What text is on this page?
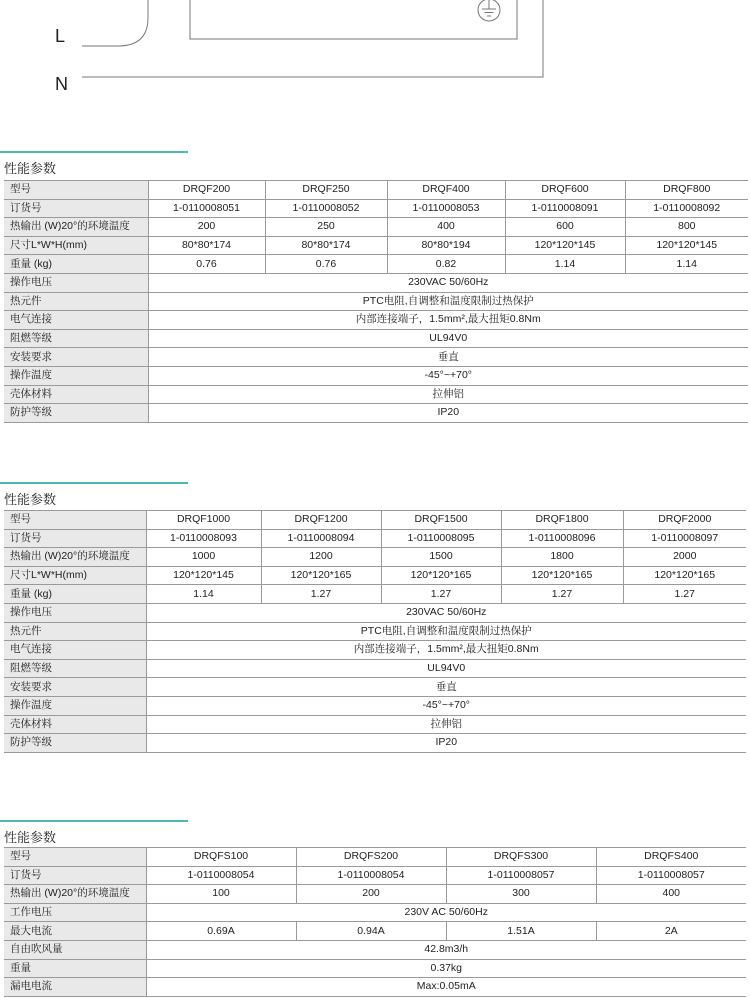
L
N
性能参数
型号	DRQF200	DRQF250	DRQF400	DRQF600	DRQF800
订货号	1-0110008051	1-0110008052	1-0110008053	1-0110008091	1-0110008092
热输出 (W)20°的环境温度	200	250	400	600	800
尺寸L*W*H(mm)	80*80*174	80*80*174	80*80*194	120*120*145	120*120*145
重量 (kg)	0.76	0.76	0.82	1.14	1.14
操作电压	230VAC 50/60Hz				
热元件	PTC电阻,自调整和温度限制过热保护				
电气连接	内部连接端子，1.5mm²,最大扭矩0.8Nm				
阻燃等级	UL94V0				
安装要求	垂直				
操作温度	-45°~+70°				
壳体材料	拉伸铝				
防护等级	IP20				
性能参数
型号	DRQF1000	DRQF1200	DRQF1500	DRQF1800	DRQF2000
订货号	1-0110008093	1-0110008094	1-0110008095	1-0110008096	1-0110008097
热输出 (W)20°的环境温度	1000	1200	1500	1800	2000
尺寸L*W*H(mm)	120*120*145	120*120*165	120*120*165	120*120*165	120*120*165
重量 (kg)	1.14	1.27	1.27	1.27	1.27
操作电压	230VAC 50/60Hz				
热元件	PTC电阻,自调整和温度限制过热保护				
电气连接	内部连接端子，1.5mm²,最大扭矩0.8Nm				
阻燃等级	UL94V0				
安装要求	垂直				
操作温度	-45°~+70°				
壳体材料	拉伸铝				
防护等级	IP20				
性能参数
型号	DRQFS100	DRQFS200	DRQFS300	DRQFS400
订货号	1-0110008054	1-0110008054	1-0110008057	1-0110008057
热输出 (W)20°的环境温度	100	200	300	400
工作电压	230V AC 50/60Hz			
最大电流	0.69A	0.94A	1.51A	2A
自由吹风量	42.8m3/h			
重量	0.37kg			
漏电电流	Max:0.05mA			
